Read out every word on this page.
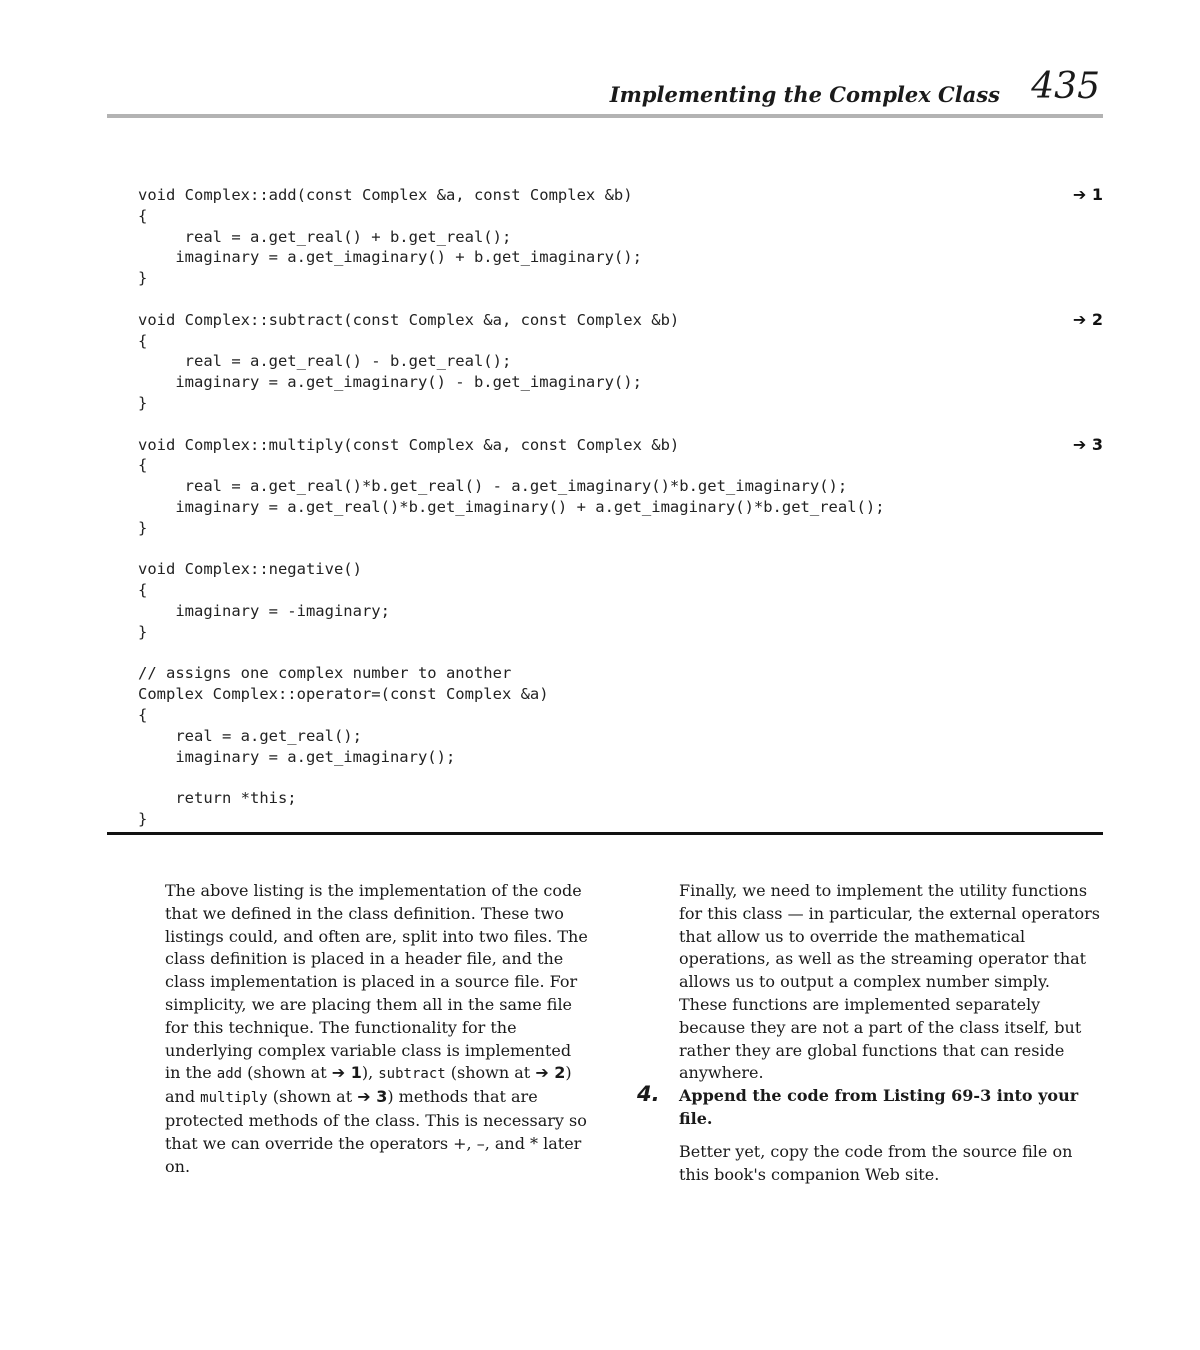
Implementing the Complex Class 435
void Complex::add(const Complex &a, const Complex &b)	➔ 1
{
real = a.get_real() + b.get_real();
imaginary = a.get_imaginary() + b.get_imaginary();
}
void Complex::subtract(const Complex &a, const Complex &b)	➔ 2
{
real = a.get_real() - b.get_real();
imaginary = a.get_imaginary() - b.get_imaginary();
}
void Complex::multiply(const Complex &a, const Complex &b)	➔ 3
{
real = a.get_real()*b.get_real() - a.get_imaginary()*b.get_imaginary();
imaginary = a.get_real()*b.get_imaginary() + a.get_imaginary()*b.get_real();
}
void Complex::negative()
{
imaginary = -imaginary;
}
// assigns one complex number to another
Complex Complex::operator=(const Complex &a)
{
real = a.get_real();
imaginary = a.get_imaginary();
return *this;
}

The above listing is the implementation of the code that we defined in the class definition. These two listings could, and often are, split into two files. The class definition is placed in a header file, and the class implementation is placed in a source file. For simplicity, we are placing them all in the same file for this technique. The functionality for the underlying complex variable class is implemented in the add (shown at ➔ 1), subtract (shown at ➔ 2) and multiply (shown at ➔ 3) methods that are protected methods of the class. This is necessary so that we can override the operators +, –, and * later on.

Finally, we need to implement the utility functions for this class — in particular, the external operators that allow us to override the mathematical operations, as well as the streaming operator that allows us to output a complex number simply. These functions are implemented separately because they are not a part of the class itself, but rather they are global functions that can reside anywhere.

4. Append the code from Listing 69-3 into your file.

Better yet, copy the code from the source file on this book's companion Web site.
